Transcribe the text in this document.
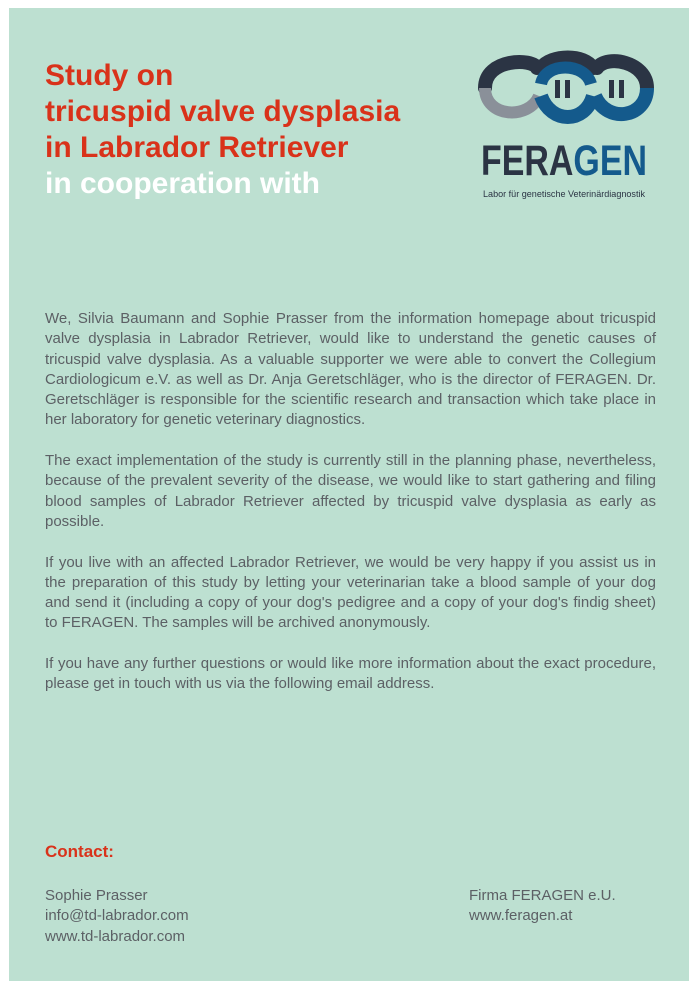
Study on
tricuspid valve dysplasia
in Labrador Retriever
in cooperation with	FERAGEN
Labor für genetische Veterinärdiagnostik

We, Silvia Baumann and Sophie Prasser from the information homepage about tricuspid valve dysplasia in Labrador Retriever, would like to understand the genetic causes of tricuspid valve dysplasia. As a valuable supporter we were able to convert the Collegium Cardiologicum e.V. as well as Dr. Anja Geretschläger, who is the director of FERAGEN. Dr. Geretschläger is responsible for the scientific research and transaction which take place in her laboratory for genetic veterinary diagnostics.

The exact implementation of the study is currently still in the planning phase, nevertheless, because of the prevalent severity of the disease, we would like to start gathering and filing blood samples of Labrador Retriever affected by tricuspid valve dysplasia as early as possible.

If you live with an affected Labrador Retriever, we would be very happy if you assist us in the preparation of this study by letting your veterinarian take a blood sample of your dog and send it (including a copy of your dog's pedigree and a copy of your dog's findig sheet) to FERAGEN. The samples will be archived anonymously.

If you have any further questions or would like more information about the exact procedure, please get in touch with us via the following email address.

Contact:
Sophie Prasser
info@td-labrador.com
www.td-labrador.com
Firma FERAGEN e.U.
www.feragen.at
